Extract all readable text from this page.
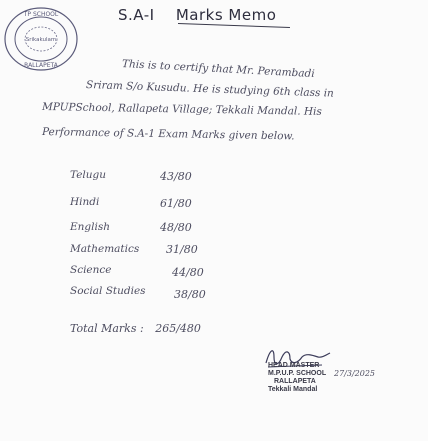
· TP SCHOOL ·
Srikakulam
RALLAPETA
S.A-I Marks Memo
This is to certify that Mr. Perambadi
Sriram S/o Kusudu. He is studying 6th class in
MPUPSchool, Rallapeta Village; Tekkali Mandal. His
Performance of S.A-1 Exam Marks given below.
Telugu	43/80
Hindi	61/80
English	48/80
Mathematics 31/80
Science	44/80
Social Studies	38/80
Total Marks : 265/480
HEAD MASTER
M.P.U.P. SCHOOL
RALLAPETA
Tekkali Mandal
27/3/2025
